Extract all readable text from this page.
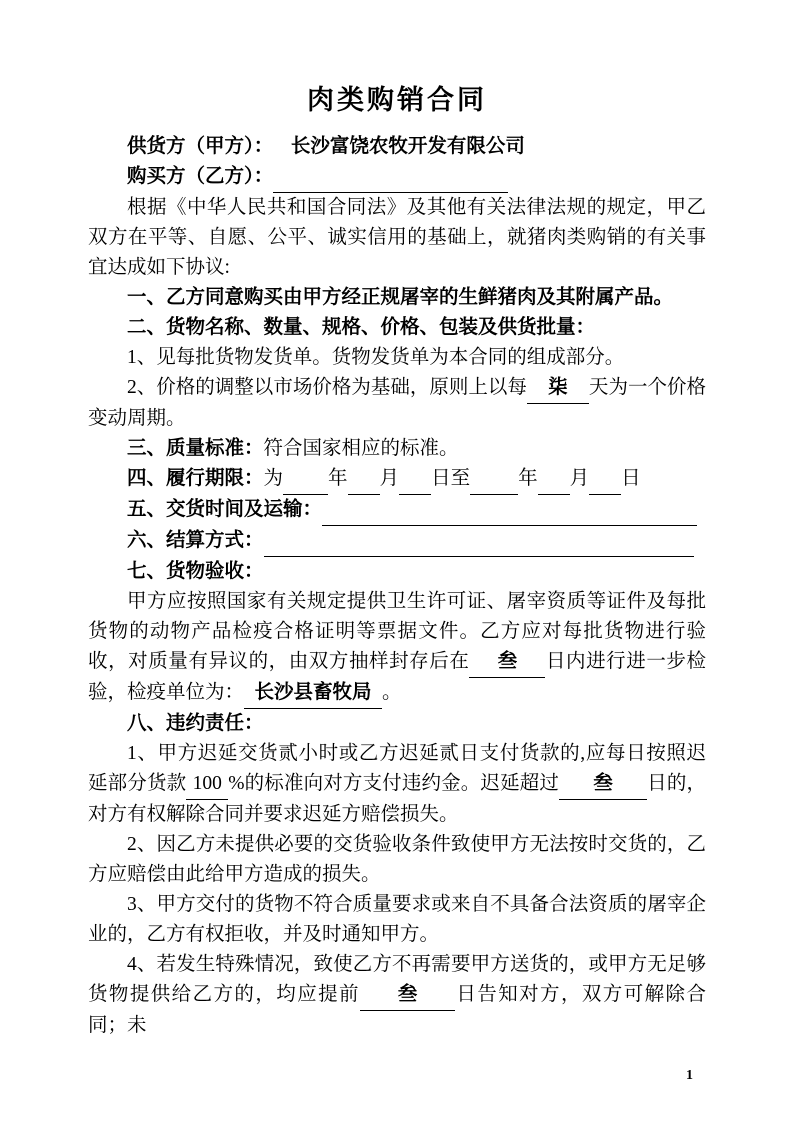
肉类购销合同

供货方（甲方）： 长沙富饶农牧开发有限公司

购买方（乙方）：

根据《中华人民共和国合同法》及其他有关法律法规的规定，甲乙双方在平等、自愿、公平、诚实信用的基础上，就猪肉类购销的有关事宜达成如下协议:

一、乙方同意购买由甲方经正规屠宰的生鲜猪肉及其附属产品。

二、货物名称、数量、规格、价格、包装及供货批量：

1、见每批货物发货单。货物发货单为本合同的组成部分。

2、价格的调整以市场价格为基础，原则上以每 柒 天为一个价格变动周期。

三、质量标准：符合国家相应的标准。

四、履行期限：为 年 月 日至 年 月 日

五、交货时间及运输：

六、结算方式：

七、货物验收：

甲方应按照国家有关规定提供卫生许可证、屠宰资质等证件及每批货物的动物产品检疫合格证明等票据文件。乙方应对每批货物进行验收，对质量有异议的，由双方抽样封存后在 叁 日内进行进一步检验，检疫单位为： 长沙县畜牧局 。

八、违约责任：

1、甲方迟延交货贰小时或乙方迟延贰日支付货款的,应每日按照迟延部分货款 100 %的标准向对方支付违约金。迟延超过 叁 日的，对方有权解除合同并要求迟延方赔偿损失。

2、因乙方未提供必要的交货验收条件致使甲方无法按时交货的，乙方应赔偿由此给甲方造成的损失。

3、甲方交付的货物不符合质量要求或来自不具备合法资质的屠宰企业的，乙方有权拒收，并及时通知甲方。

4、若发生特殊情况，致使乙方不再需要甲方送货的，或甲方无足够货物提供给乙方的，均应提前 叁 日告知对方，双方可解除合同；未

1
